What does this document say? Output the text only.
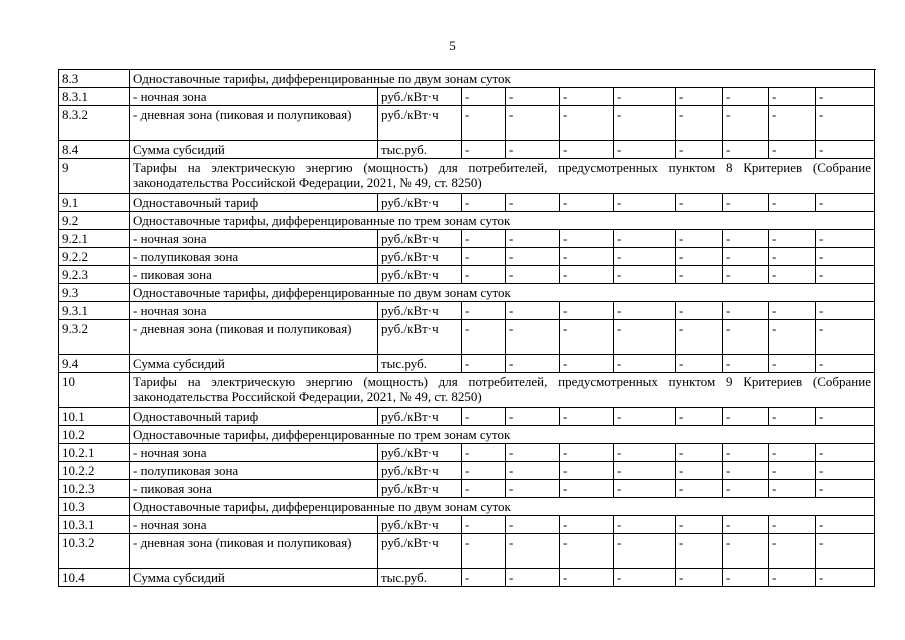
5
8.3	Одноставочные тарифы, дифференцированные по двум зонам суток										
8.3.1	- ночная зона	руб./кВт·ч	-	-	-	-	-	-	-	-	
8.3.2	- дневная зона (пиковая и полупиковая)	руб./кВт·ч	-	-	-	-	-	-	-	-	
8.4	Сумма субсидий	тыс.руб.	-	-	-	-	-	-	-	-	
9	Тарифы на электрическую энергию (мощность) для потребителей, предусмотренных пунктом 8 Критериев (Собрание законодательства Российской Федерации, 2021, № 49, ст. 8250)										
9.1	Одноставочный тариф	руб./кВт·ч	-	-	-	-	-	-	-	-	
9.2	Одноставочные тарифы, дифференцированные по трем зонам суток										
9.2.1	- ночная зона	руб./кВт·ч	-	-	-	-	-	-	-	-	
9.2.2	- полупиковая зона	руб./кВт·ч	-	-	-	-	-	-	-	-	
9.2.3	- пиковая зона	руб./кВт·ч	-	-	-	-	-	-	-	-	
9.3	Одноставочные тарифы, дифференцированные по двум зонам суток										
9.3.1	- ночная зона	руб./кВт·ч	-	-	-	-	-	-	-	-	
9.3.2	- дневная зона (пиковая и полупиковая)	руб./кВт·ч	-	-	-	-	-	-	-	-	
9.4	Сумма субсидий	тыс.руб.	-	-	-	-	-	-	-	-	
10	Тарифы на электрическую энергию (мощность) для потребителей, предусмотренных пунктом 9 Критериев (Собрание законодательства Российской Федерации, 2021, № 49, ст. 8250)										
10.1	Одноставочный тариф	руб./кВт·ч	-	-	-	-	-	-	-	-	
10.2	Одноставочные тарифы, дифференцированные по трем зонам суток										
10.2.1	- ночная зона	руб./кВт·ч	-	-	-	-	-	-	-	-	
10.2.2	- полупиковая зона	руб./кВт·ч	-	-	-	-	-	-	-	-	
10.2.3	- пиковая зона	руб./кВт·ч	-	-	-	-	-	-	-	-	
10.3	Одноставочные тарифы, дифференцированные по двум зонам суток										
10.3.1	- ночная зона	руб./кВт·ч	-	-	-	-	-	-	-	-	
10.3.2	- дневная зона (пиковая и полупиковая)	руб./кВт·ч	-	-	-	-	-	-	-	-	
10.4	Сумма субсидий	тыс.руб.	-	-	-	-	-	-	-	-	
